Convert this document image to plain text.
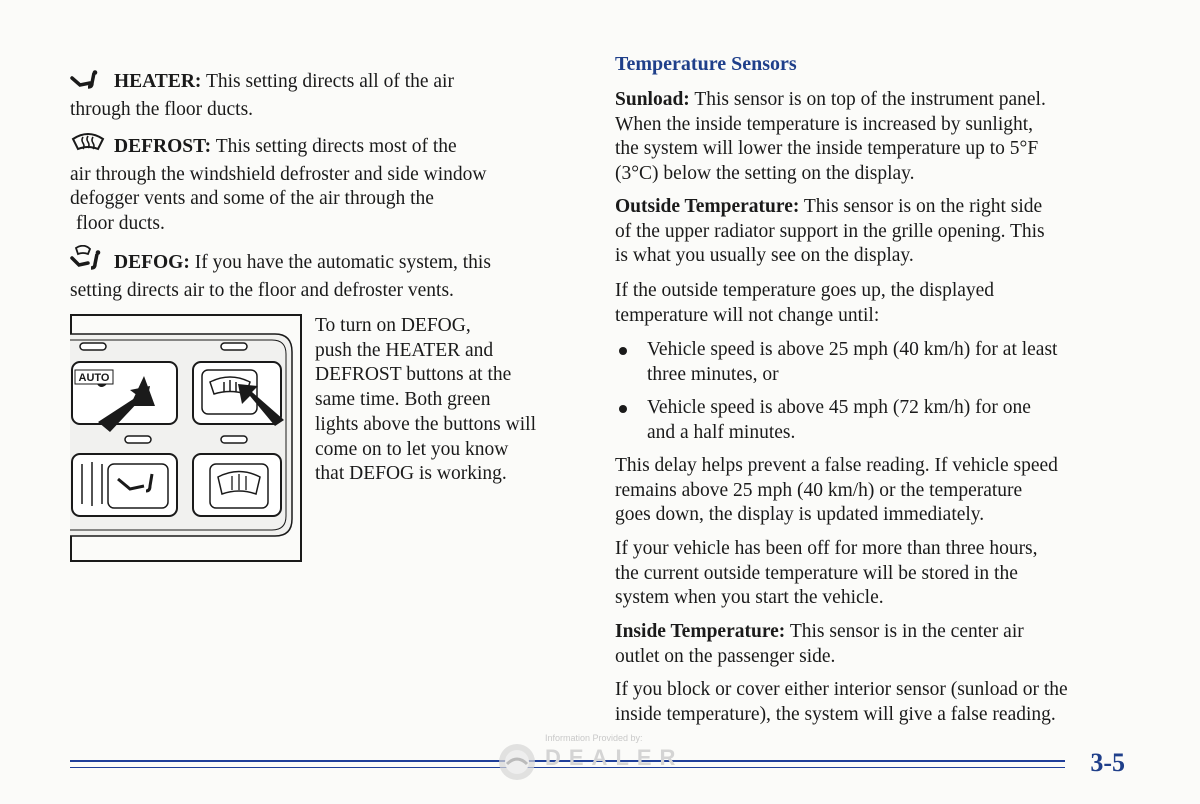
HEATER: This setting directs all of the air
through the floor ducts.
DEFROST: This setting directs most of the
air through the windshield defroster and side window
defogger vents and some of the air through the
floor ducts.
DEFOG: If you have the automatic system, this
setting directs air to the floor and defroster vents.
AUTO
To turn on DEFOG,
push the HEATER and
DEFROST buttons at the
same time. Both green
lights above the buttons will
come on to let you know
that DEFOG is working.
Temperature Sensors
Sunload: This sensor is on top of the instrument panel.
When the inside temperature is increased by sunlight,
the system will lower the inside temperature up to 5°F
(3°C) below the setting on the display.
Outside Temperature: This sensor is on the right side
of the upper radiator support in the grille opening. This
is what you usually see on the display.
If the outside temperature goes up, the displayed
temperature will not change until:
Vehicle speed is above 25 mph (40 km/h) for at least
three minutes, or
Vehicle speed is above 45 mph (72 km/h) for one
and a half minutes.
This delay helps prevent a false reading. If vehicle speed
remains above 25 mph (40 km/h) or the temperature
goes down, the display is updated immediately.
If your vehicle has been off for more than three hours,
the current outside temperature will be stored in the
system when you start the vehicle.
Inside Temperature: This sensor is in the center air
outlet on the passenger side.
If you block or cover either interior sensor (sunload or the
inside temperature), the system will give a false reading.
Information Provided by:
DEALER	3-5
